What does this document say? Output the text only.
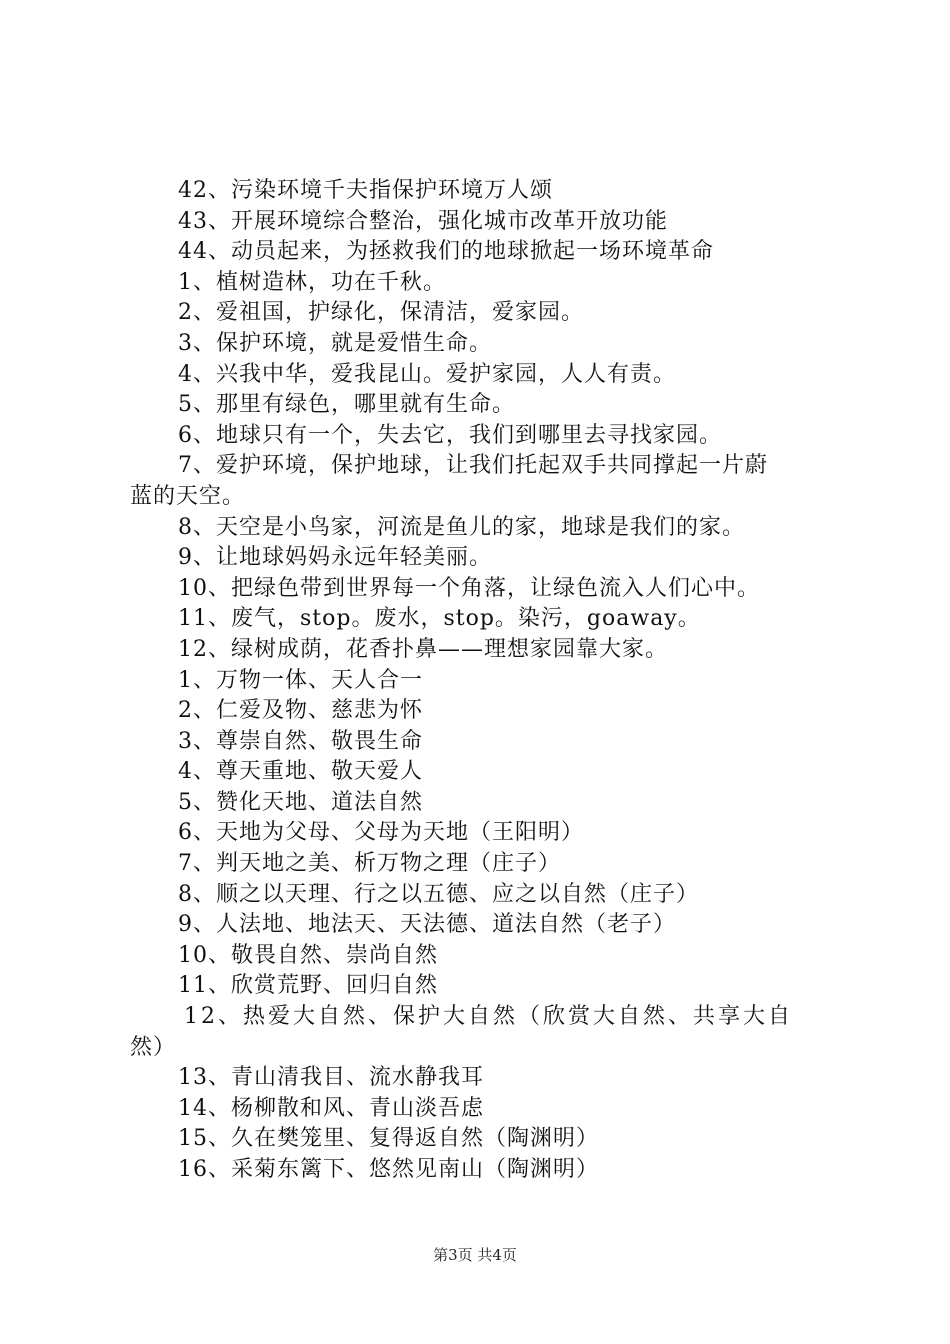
42、污染环境千夫指保护环境万人颂

43、开展环境综合整治，强化城市改革开放功能

44、动员起来，为拯救我们的地球掀起一场环境革命

1、植树造林，功在千秋。

2、爱祖国，护绿化，保清洁，爱家园。

3、保护环境，就是爱惜生命。

4、兴我中华，爱我昆山。爱护家园，人人有责。

5、那里有绿色，哪里就有生命。

6、地球只有一个，失去它，我们到哪里去寻找家园。

7、爱护环境，保护地球，让我们托起双手共同撑起一片蔚

蓝的天空。

8、天空是小鸟家，河流是鱼儿的家，地球是我们的家。

9、让地球妈妈永远年轻美丽。

10、把绿色带到世界每一个角落，让绿色流入人们心中。

11、废气，stop。废水，stop。染污，goaway。

12、绿树成荫，花香扑鼻——理想家园靠大家。

1、万物一体、天人合一

2、仁爱及物、慈悲为怀

3、尊崇自然、敬畏生命

4、尊天重地、敬天爱人

5、赞化天地、道法自然

6、天地为父母、父母为天地（王阳明）

7、判天地之美、析万物之理（庄子）

8、顺之以天理、行之以五德、应之以自然（庄子）

9、人法地、地法天、天法德、道法自然（老子）

10、敬畏自然、崇尚自然

11、欣赏荒野、回归自然

12、热爱大自然、保护大自然（欣赏大自然、共享大自

然）

13、青山清我目、流水静我耳

14、杨柳散和风、青山淡吾虑

15、久在樊笼里、复得返自然（陶渊明）

16、采菊东篱下、悠然见南山（陶渊明）

第3页 共4页
